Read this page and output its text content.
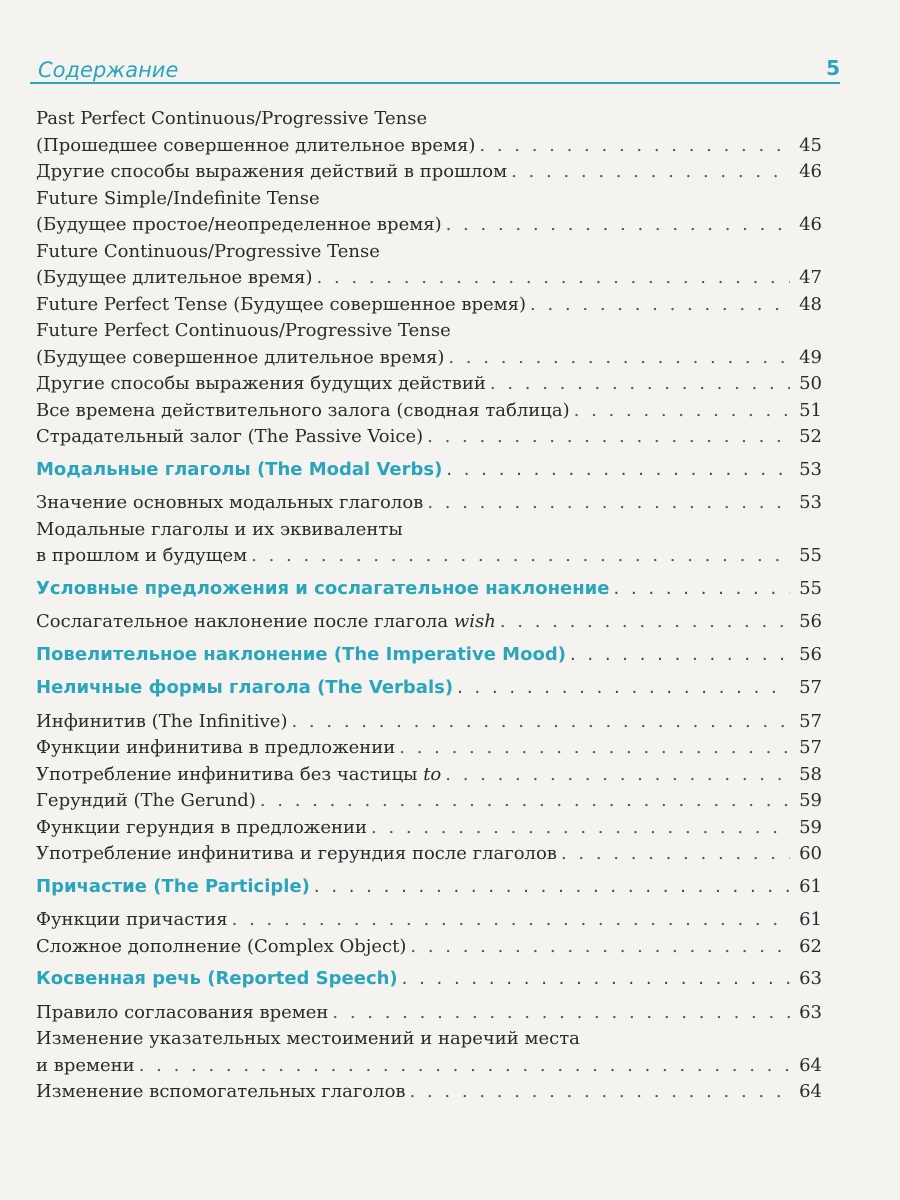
Содержание	5
Past Perfect Continuous/Progressive Tense
(Прошедшее совершенное длительное время) . . .	45
Другие способы выражения действий в прошлом . . .	46
Future Simple/Indefinite Tense
(Будущее простое/неопределенное время) . . .	46
Future Continuous/Progressive Tense
(Будущее длительное время) . . .	47
Future Perfect Tense (Будущее совершенное время) . . .	48
Future Perfect Continuous/Progressive Tense
(Будущее совершенное длительное время) . . .	49
Другие способы выражения будущих действий . . .	50
Все времена действительного залога (сводная таблица) . . .	51
Страдательный залог (The Passive Voice) . . .	52
Модальные глаголы (The Modal Verbs) . . .	53
Значение основных модальных глаголов . . .	53
Модальные глаголы и их эквиваленты
в прошлом и будущем . . .	55
Условные предложения и сослагательное наклонение . . .	55
Сослагательное наклонение после глагола wish . . .	56
Повелительное наклонение (The Imperative Mood) . . .	56
Неличные формы глагола (The Verbals) . . .	57
Инфинитив (The Infinitive) . . .	57
Функции инфинитива в предложении . . .	57
Употребление инфинитива без частицы to . . .	58
Герундий (The Gerund) . . .	59
Функции герундия в предложении . . .	59
Употребление инфинитива и герундия после глаголов . . .	60
Причастие (The Participle) . . .	61
Функции причастия . . .	61
Сложное дополнение (Complex Object) . . .	62
Косвенная речь (Reported Speech) . . .	63
Правило согласования времен . . .	63
Изменение указательных местоимений и наречий места
и времени . . .	64
Изменение вспомогательных глаголов . . .	64
